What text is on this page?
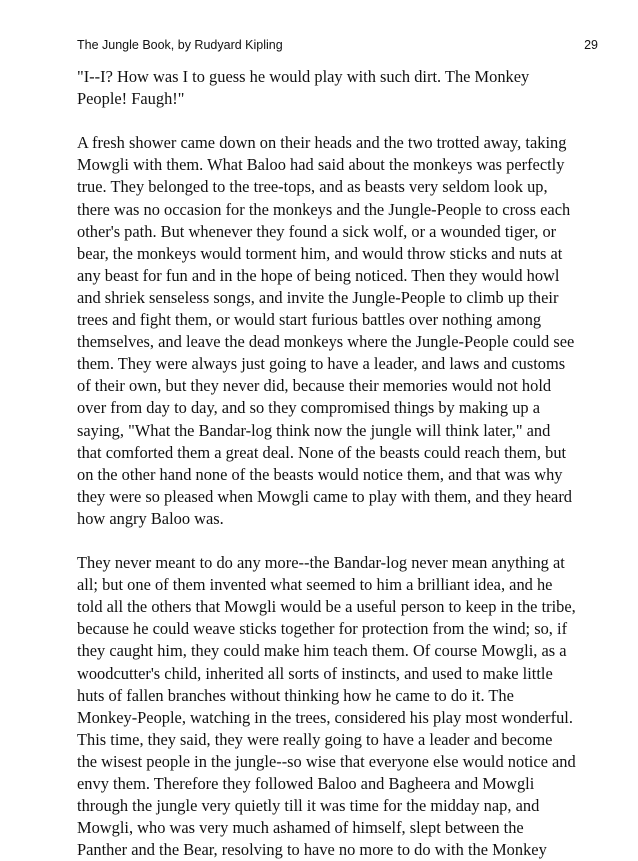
The Jungle Book, by Rudyard Kipling	29

"I--I? How was I to guess he would play with such dirt. The Monkey
People! Faugh!"

A fresh shower came down on their heads and the two trotted away, taking
Mowgli with them. What Baloo had said about the monkeys was perfectly
true. They belonged to the tree-tops, and as beasts very seldom look up,
there was no occasion for the monkeys and the Jungle-People to cross each
other's path. But whenever they found a sick wolf, or a wounded tiger, or
bear, the monkeys would torment him, and would throw sticks and nuts at
any beast for fun and in the hope of being noticed. Then they would howl
and shriek senseless songs, and invite the Jungle-People to climb up their
trees and fight them, or would start furious battles over nothing among
themselves, and leave the dead monkeys where the Jungle-People could see
them. They were always just going to have a leader, and laws and customs
of their own, but they never did, because their memories would not hold
over from day to day, and so they compromised things by making up a
saying, "What the Bandar-log think now the jungle will think later," and
that comforted them a great deal. None of the beasts could reach them, but
on the other hand none of the beasts would notice them, and that was why
they were so pleased when Mowgli came to play with them, and they heard
how angry Baloo was.

They never meant to do any more--the Bandar-log never mean anything at
all; but one of them invented what seemed to him a brilliant idea, and he
told all the others that Mowgli would be a useful person to keep in the tribe,
because he could weave sticks together for protection from the wind; so, if
they caught him, they could make him teach them. Of course Mowgli, as a
woodcutter's child, inherited all sorts of instincts, and used to make little
huts of fallen branches without thinking how he came to do it. The
Monkey-People, watching in the trees, considered his play most wonderful.
This time, they said, they were really going to have a leader and become
the wisest people in the jungle--so wise that everyone else would notice and
envy them. Therefore they followed Baloo and Bagheera and Mowgli
through the jungle very quietly till it was time for the midday nap, and
Mowgli, who was very much ashamed of himself, slept between the
Panther and the Bear, resolving to have no more to do with the Monkey
